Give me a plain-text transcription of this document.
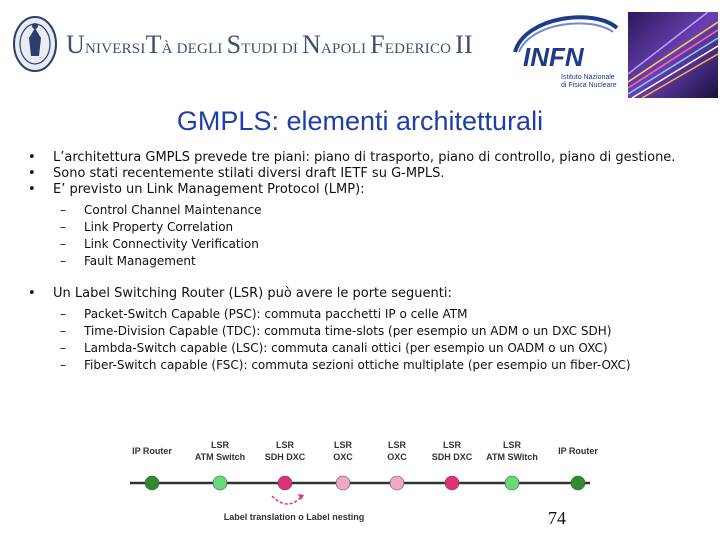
UNIVERSITÀ DEGLI STUDI DI NAPOLI FEDERICO II INFN
Istituto Nazionale
di Fisica Nucleare
GMPLS: elementi architetturali
• L’architettura GMPLS prevede tre piani: piano di trasporto, piano di controllo, piano di gestione.
• Sono stati recentemente stilati diversi draft IETF su G-MPLS.
• E’ previsto un Link Management Protocol (LMP):
– Control Channel Maintenance
– Link Property Correlation
– Link Connectivity Verification
– Fault Management
• Un Label Switching Router (LSR) può avere le porte seguenti:
– Packet-Switch Capable (PSC): commuta pacchetti IP o celle ATM
– Time-Division Capable (TDC): commuta time-slots (per esempio un ADM o un DXC SDH)
– Lambda-Switch capable (LSC): commuta canali ottici (per esempio un OADM o un OXC)
– Fiber-Switch capable (FSC): commuta sezioni ottiche multiplate (per esempio un fiber-OXC)
IP Router
LSR
ATM Switch
LSR
SDH DXC
LSR
OXC
LSR
OXC
LSR
SDH DXC
LSR
ATM SWitch
IP Router
Label translation o Label nesting	74
